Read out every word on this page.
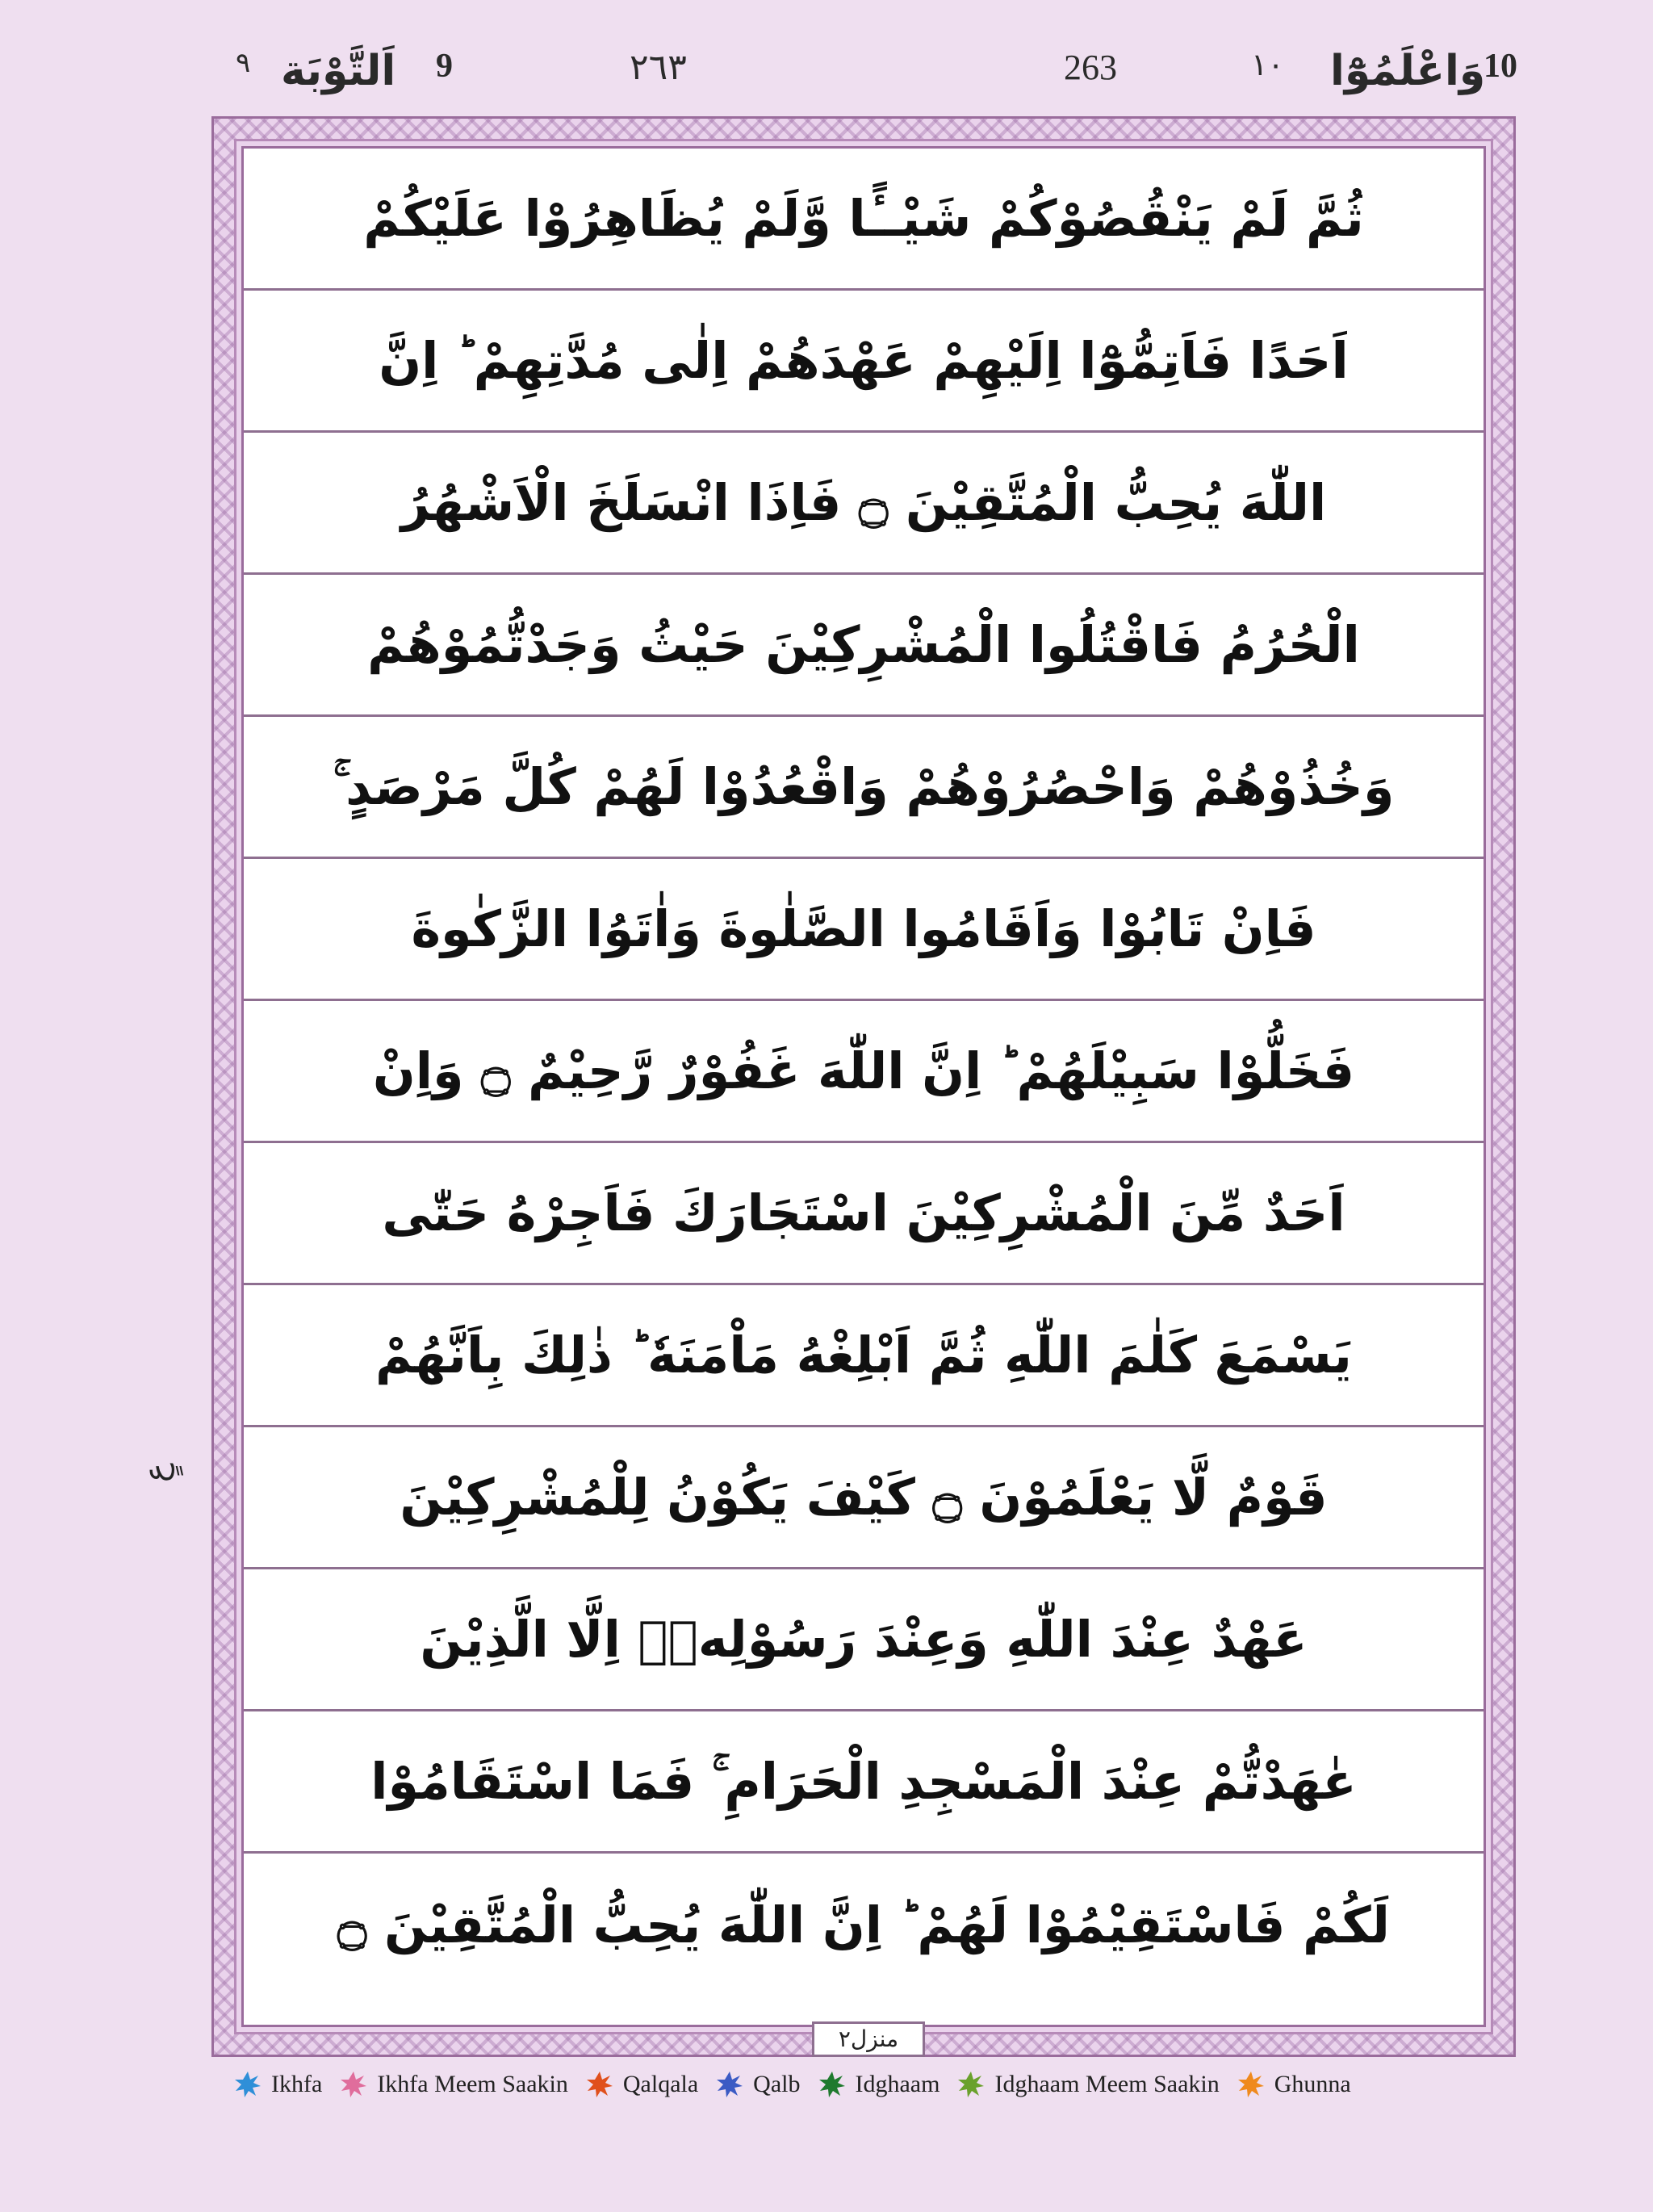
٩ اَلتَّوْبَة 9	٢٦٣	263	١٠ وَاعْلَمُوْٓا
10
ثُمَّ لَمْ يَنْقُصُوْكُمْ شَيْــًٔا وَّلَمْ يُظَاهِرُوْا عَلَيْكُمْ
اَحَدًا فَاَتِمُّوْٓا اِلَيْهِمْ عَهْدَهُمْ اِلٰى مُدَّتِهِمْ ؕ اِنَّ
اللّٰهَ يُحِبُّ الْمُتَّقِيْنَ ۝ فَاِذَا انْسَلَخَ الْاَشْهُرُ
الْحُرُمُ فَاقْتُلُوا الْمُشْرِكِيْنَ حَيْثُ وَجَدْتُّمُوْهُمْ
وَخُذُوْهُمْ وَاحْصُرُوْهُمْ وَاقْعُدُوْا لَهُمْ كُلَّ مَرْصَدٍ ۚ
فَاِنْ تَابُوْا وَاَقَامُوا الصَّلٰوةَ وَاٰتَوُا الزَّكٰوةَ
فَخَلُّوْا سَبِيْلَهُمْ ؕ اِنَّ اللّٰهَ غَفُوْرٌ رَّحِيْمٌ ۝ وَاِنْ
اَحَدٌ مِّنَ الْمُشْرِكِيْنَ اسْتَجَارَكَ فَاَجِرْهُ حَتّٰى
يَسْمَعَ كَلٰمَ اللّٰهِ ثُمَّ اَبْلِغْهُ مَاْمَنَهٗ ؕ ذٰلِكَ بِاَنَّهُمْ
قَوْمٌ لَّا يَعْلَمُوْنَ ۝ كَيْفَ يَكُوْنُ لِلْمُشْرِكِيْنَ
عَهْدٌ عِنْدَ اللّٰهِ وَعِنْدَ رَسُوْلِهٖۤ اِلَّا الَّذِيْنَ
عٰهَدْتُّمْ عِنْدَ الْمَسْجِدِ الْحَرَامِ ۚ فَمَا اسْتَقَامُوْا
لَكُمْ فَاسْتَقِيْمُوْا لَهُمْ ؕ اِنَّ اللّٰهَ يُحِبُّ الْمُتَّقِيْنَ ۝
عٍ
منزل٢
Ikhfa Ikhfa Meem Saakin Qalqala Qalb Idghaam Idghaam Meem Saakin Ghunna
